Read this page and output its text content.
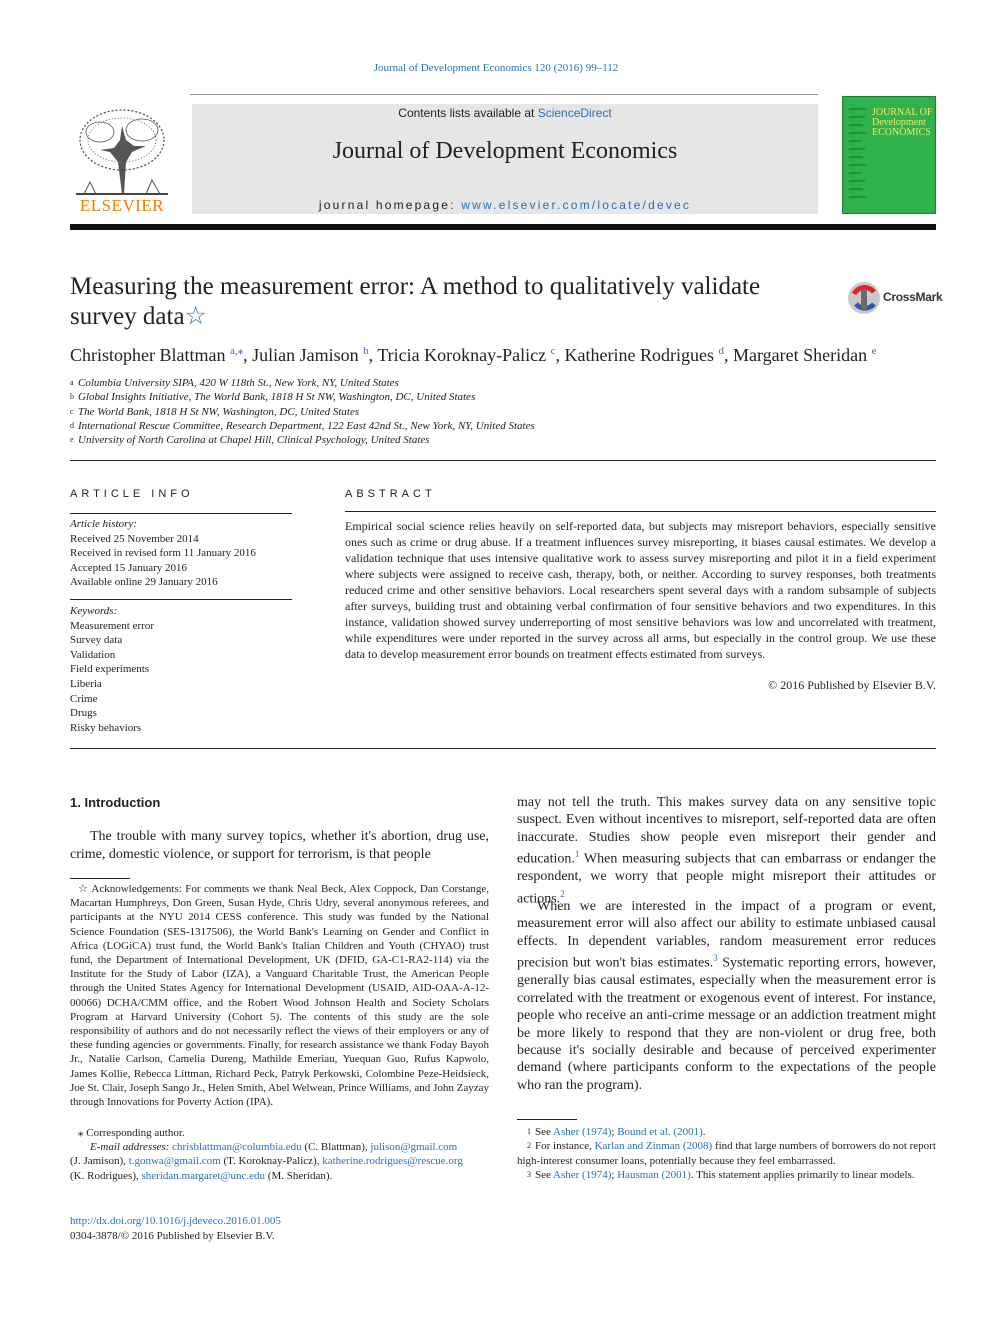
Journal of Development Economics 120 (2016) 99–112
ELSEVIER
Contents lists available at ScienceDirect
Journal of Development Economics
journal homepage: www.elsevier.com/locate/devec
JOURNAL OF Development ECONOMICS
Measuring the measurement error: A method to qualitatively validate survey data☆
CrossMark
Christopher Blattman $^{a,⁎}$, Julian Jamison $^b$, Tricia Koroknay-Palicz $^c$, Katherine Rodrigues $^d$, Margaret Sheridan $^e$
a Columbia University SIPA, 420 W 118th St., New York, NY, United States
b Global Insights Initiative, The World Bank, 1818 H St NW, Washington, DC, United States
c The World Bank, 1818 H St NW, Washington, DC, United States
d International Rescue Committee, Research Department, 122 East 42nd St., New York, NY, United States
e University of North Carolina at Chapel Hill, Clinical Psychology, United States
ARTICLE INFO
Article history:
Received 25 November 2014
Received in revised form 11 January 2016
Accepted 15 January 2016
Available online 29 January 2016
Keywords:
Measurement error
Survey data
Validation
Field experiments
Liberia
Crime
Drugs
Risky behaviors
ABSTRACT
Empirical social science relies heavily on self-reported data, but subjects may misreport behaviors, especially sensitive ones such as crime or drug abuse. If a treatment influences survey misreporting, it biases causal estimates. We develop a validation technique that uses intensive qualitative work to assess survey misreporting and pilot it in a field experiment where subjects were assigned to receive cash, therapy, both, or neither. According to survey responses, both treatments reduced crime and other sensitive behaviors. Local researchers spent several days with a random subsample of subjects after surveys, building trust and obtaining verbal confirmation of four sensitive behaviors and two expenditures. In this instance, validation showed survey underreporting of most sensitive behaviors was low and uncorrelated with treatment, while expenditures were under reported in the survey across all arms, but especially in the control group. We use these data to develop measurement error bounds on treatment effects estimated from surveys.
© 2016 Published by Elsevier B.V.
1. Introduction
The trouble with many survey topics, whether it's abortion, drug use, crime, domestic violence, or support for terrorism, is that people
☆ Acknowledgements: For comments we thank Neal Beck, Alex Coppock, Dan Corstange, Macartan Humphreys, Don Green, Susan Hyde, Chris Udry, several anonymous referees, and participants at the NYU 2014 CESS conference. This study was funded by the National Science Foundation (SES-1317506), the World Bank's Learning on Gender and Conflict in Africa (LOGiCA) trust fund, the World Bank's Italian Children and Youth (CHYAO) trust fund, the Department of International Development, UK (DFID, GA-C1-RA2-114) via the Institute for the Study of Labor (IZA), a Vanguard Charitable Trust, the American People through the United States Agency for International Development (USAID, AID-OAA-A-12-00066) DCHA/CMM office, and the Robert Wood Johnson Health and Society Scholars Program at Harvard University (Cohort 5). The contents of this study are the sole responsibility of authors and do not necessarily reflect the views of their employers or any of these funding agencies or governments. Finally, for research assistance we thank Foday Bayoh Jr., Natalie Carlson, Camelia Dureng, Mathilde Emeriau, Yuequan Guo, Rufus Kapwolo, James Kollie, Rebecca Littman, Richard Peck, Patryk Perkowski, Colombine Peze-Heidsieck, Joe St. Clair, Joseph Sango Jr., Helen Smith, Abel Welwean, Prince Williams, and John Zayzay through Innovations for Poverty Action (IPA).
⁎ Corresponding author.
E-mail addresses: chrisblattman@columbia.edu (C. Blattman), julison@gmail.com
(J. Jamison), t.gonwa@gmail.com (T. Koroknay-Palicz), katherine.rodrigues@rescue.org
(K. Rodrigues), sheridan.margaret@unc.edu (M. Sheridan).
may not tell the truth. This makes survey data on any sensitive topic suspect. Even without incentives to misreport, self-reported data are often inaccurate. Studies show people even misreport their gender and education.$^1$ When measuring subjects that can embarrass or endanger the respondent, we worry that people might misreport their attitudes or actions.$^2$
When we are interested in the impact of a program or event, measurement error will also affect our ability to estimate unbiased causal effects. In dependent variables, random measurement error reduces precision but won't bias estimates.$^3$ Systematic reporting errors, however, generally bias causal estimates, especially when the measurement error is correlated with the treatment or exogenous event of interest. For instance, people who receive an anti-crime message or an addiction treatment might be more likely to respond that they are non-violent or drug free, both because it's socially desirable and because of perceived experimenter demand (where participants conform to the expectations of the people who ran the program).
1 See Asher (1974); Bound et al. (2001).
2 For instance, Karlan and Zinman (2008) find that large numbers of borrowers do not report high-interest consumer loans, potentially because they feel embarrassed.
3 See Asher (1974); Hausman (2001). This statement applies primarily to linear models.
http://dx.doi.org/10.1016/j.jdeveco.2016.01.005
0304-3878/© 2016 Published by Elsevier B.V.
